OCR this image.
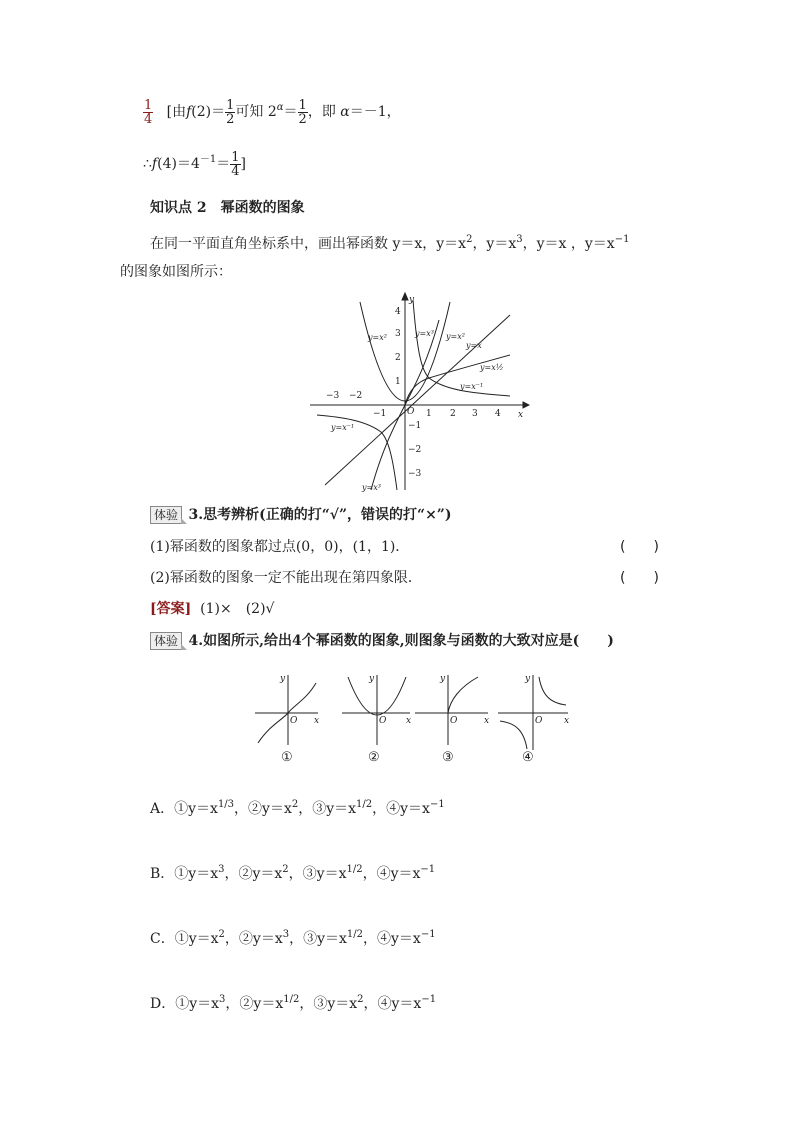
$\frac{1}{4}$ [由$f(2)= \frac{1}{2}$ 可知 $2^\alpha= \frac{1}{2}$ ，即 α＝－1，
$\therefore f(4)=4^{-1}= \frac{1}{4}$ ]
知识点 2　幂函数的图象
在同一平面直角坐标系中，画出幂函数 y＝x，$y=x^2$，$y=x^3$，y＝x ，$y=x^{-1}$
的图象如图所示：
x
y
O
−3 −2
−1	1 2 3 4
4
3
2
1
−1
−2
−3
y=x²	y=x³ y=x²
y=x
y=x½
y=x⁻¹
y=x⁻¹
y=x³
体验 3.思考辨析(正确的打“√”，错误的打“×”)
(1)幂函数的图象都过点(0，0)，(1，1)．	(　　)
(2)幂函数的图象一定不能出现在第四象限．	(　　)
[答案] (1)×　(2)√
体验 4.如图所示,给出4个幂函数的图象,则图象与函数的大致对应是(　　)
y
x
O
y
x
O
y
x
O
y
x
O
①	②	③	④
A．$①y=x^{1/3}$，$②y=x^2$，$③y=x^{1/2}$，$④y=x^{-1}$
B．$①y=x^3$，$②y=x^2$，$③y=x^{1/2}$，$④y=x^{-1}$
C．$①y=x^2$，$②y=x^3$，$③y=x^{1/2}$，$④y=x^{-1}$
D．$①y=x^3$，$②y=x^{1/2}$，$③y=x^2$，$④y=x^{-1}$
